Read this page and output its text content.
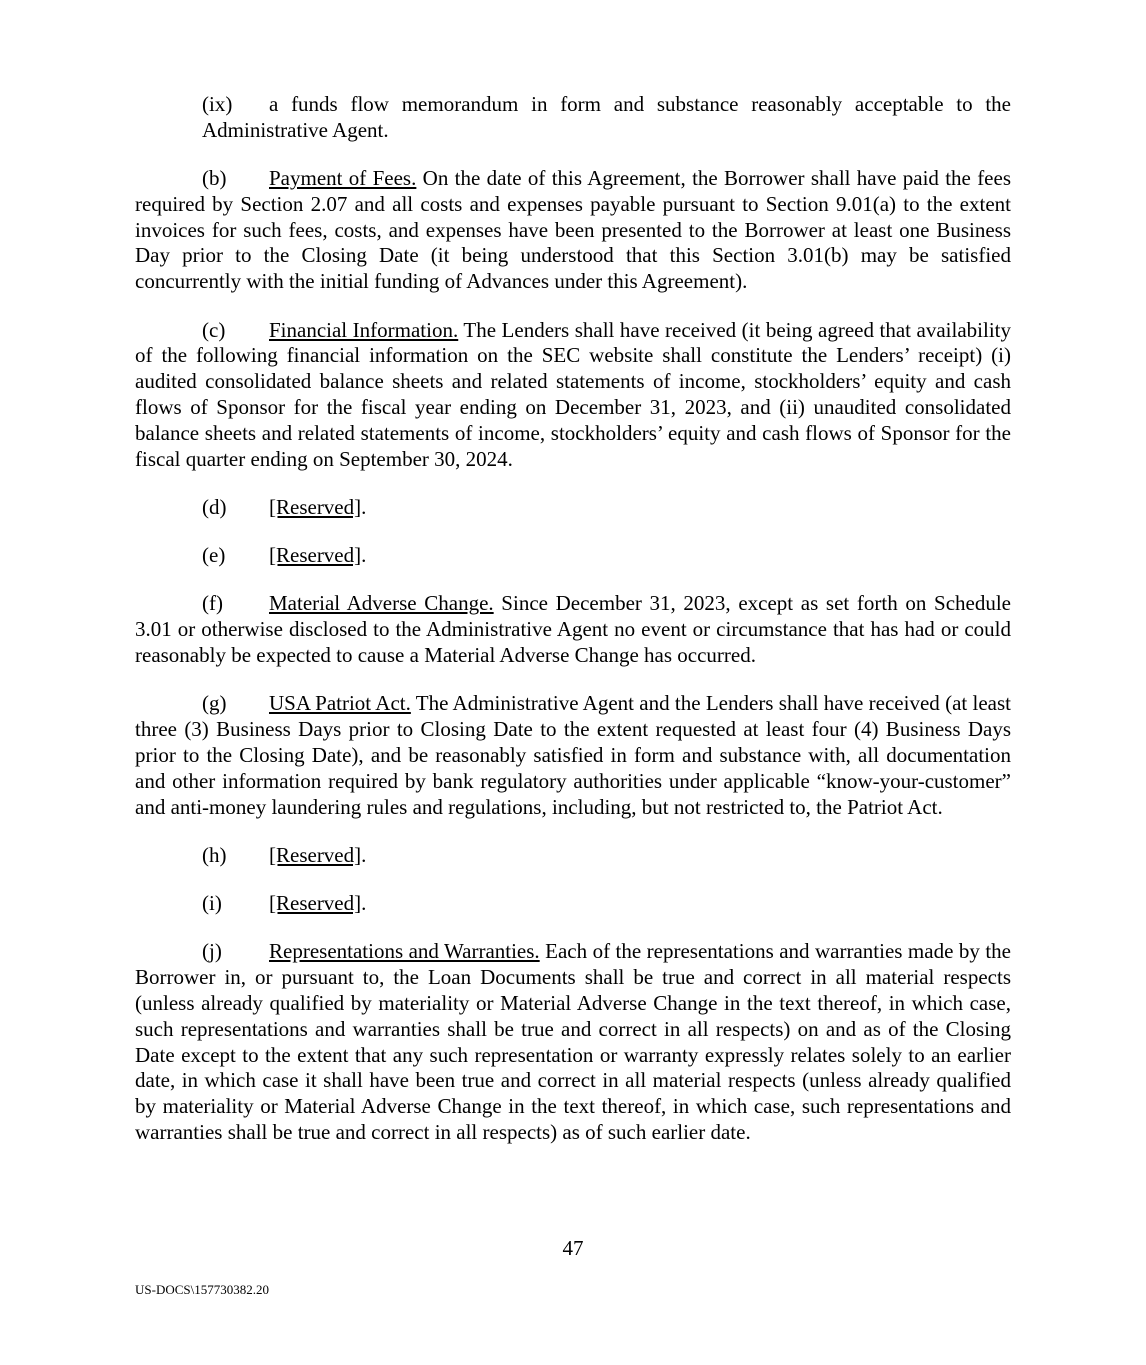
(ix) a funds flow memorandum in form and substance reasonably acceptable to the Administrative Agent.

(b) Payment of Fees. On the date of this Agreement, the Borrower shall have paid the fees required by Section 2.07 and all costs and expenses payable pursuant to Section 9.01(a) to the extent invoices for such fees, costs, and expenses have been presented to the Borrower at least one Business Day prior to the Closing Date (it being understood that this Section 3.01(b) may be satisfied concurrently with the initial funding of Advances under this Agreement).

(c) Financial Information. The Lenders shall have received (it being agreed that availability of the following financial information on the SEC website shall constitute the Lenders’ receipt) (i) audited consolidated balance sheets and related statements of income, stockholders’ equity and cash flows of Sponsor for the fiscal year ending on December 31, 2023, and (ii) unaudited consolidated balance sheets and related statements of income, stockholders’ equity and cash flows of Sponsor for the fiscal quarter ending on September 30, 2024.

(d) [Reserved].

(e) [Reserved].

(f) Material Adverse Change. Since December 31, 2023, except as set forth on Schedule 3.01 or otherwise disclosed to the Administrative Agent no event or circumstance that has had or could reasonably be expected to cause a Material Adverse Change has occurred.

(g) USA Patriot Act. The Administrative Agent and the Lenders shall have received (at least three (3) Business Days prior to Closing Date to the extent requested at least four (4) Business Days prior to the Closing Date), and be reasonably satisfied in form and substance with, all documentation and other information required by bank regulatory authorities under applicable “know-your-customer” and anti-money laundering rules and regulations, including, but not restricted to, the Patriot Act.

(h) [Reserved].

(i) [Reserved].

(j) Representations and Warranties. Each of the representations and warranties made by the Borrower in, or pursuant to, the Loan Documents shall be true and correct in all material respects (unless already qualified by materiality or Material Adverse Change in the text thereof, in which case, such representations and warranties shall be true and correct in all respects) on and as of the Closing Date except to the extent that any such representation or warranty expressly relates solely to an earlier date, in which case it shall have been true and correct in all material respects (unless already qualified by materiality or Material Adverse Change in the text thereof, in which case, such representations and warranties shall be true and correct in all respects) as of such earlier date.

47
US-DOCS\157730382.20
